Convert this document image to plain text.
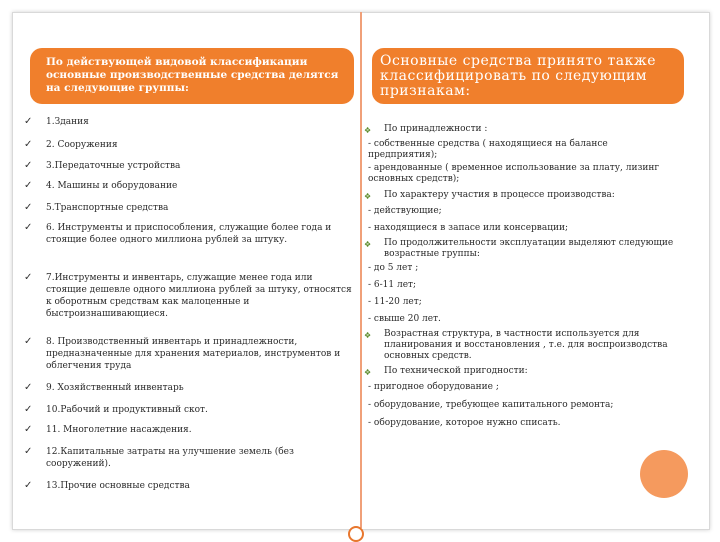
По действующей видовой классификации основные производственные средства делятся на следующие группы:
Основные средства принято также классифицировать по следующим признакам:
✓ 1.Здания
✓ 2. Сооружения
✓ 3.Передаточные устройства
✓ 4. Машины и оборудование
✓ 5.Транспортные средства
✓ 6. Инструменты и приспособления, служащие более года и стоящие более одного миллиона рублей за штуку.
✓ 7.Инструменты и инвентарь, служащие менее года или стоящие дешевле одного миллиона рублей за штуку, относятся к оборотным средствам как малоценные и быстроизнашивающиеся.
✓ 8. Производственный инвентарь и принадлежности, предназначенные для хранения материалов, инструментов и облегчения труда
✓ 9. Хозяйственный инвентарь
✓ 10.Рабочий и продуктивный скот.
✓ 11. Многолетние насаждения.
✓ 12.Капитальные затраты на улучшение земель (без сооружений).
✓ 13.Прочие основные средства
❖ По принадлежности :
- собственные средства ( находящиеся на балансе предприятия);
- арендованные ( временное использование за плату, лизинг основных средств);
❖ По характеру участия в процессе производства:
- действующие;
- находящиеся в запасе или консервации;
❖ По продолжительности эксплуатации выделяют следующие возрастные группы:
- до 5 лет ;
- 6-11 лет;
- 11-20 лет;
- свыше 20 лет.
❖ Возрастная структура, в частности используется для планирования и восстановления , т.е. для воспроизводства основных средств.
❖ По технической пригодности:
- пригодное оборудование ;
- оборудование, требующее капитального ремонта;
- оборудование, которое нужно списать.
